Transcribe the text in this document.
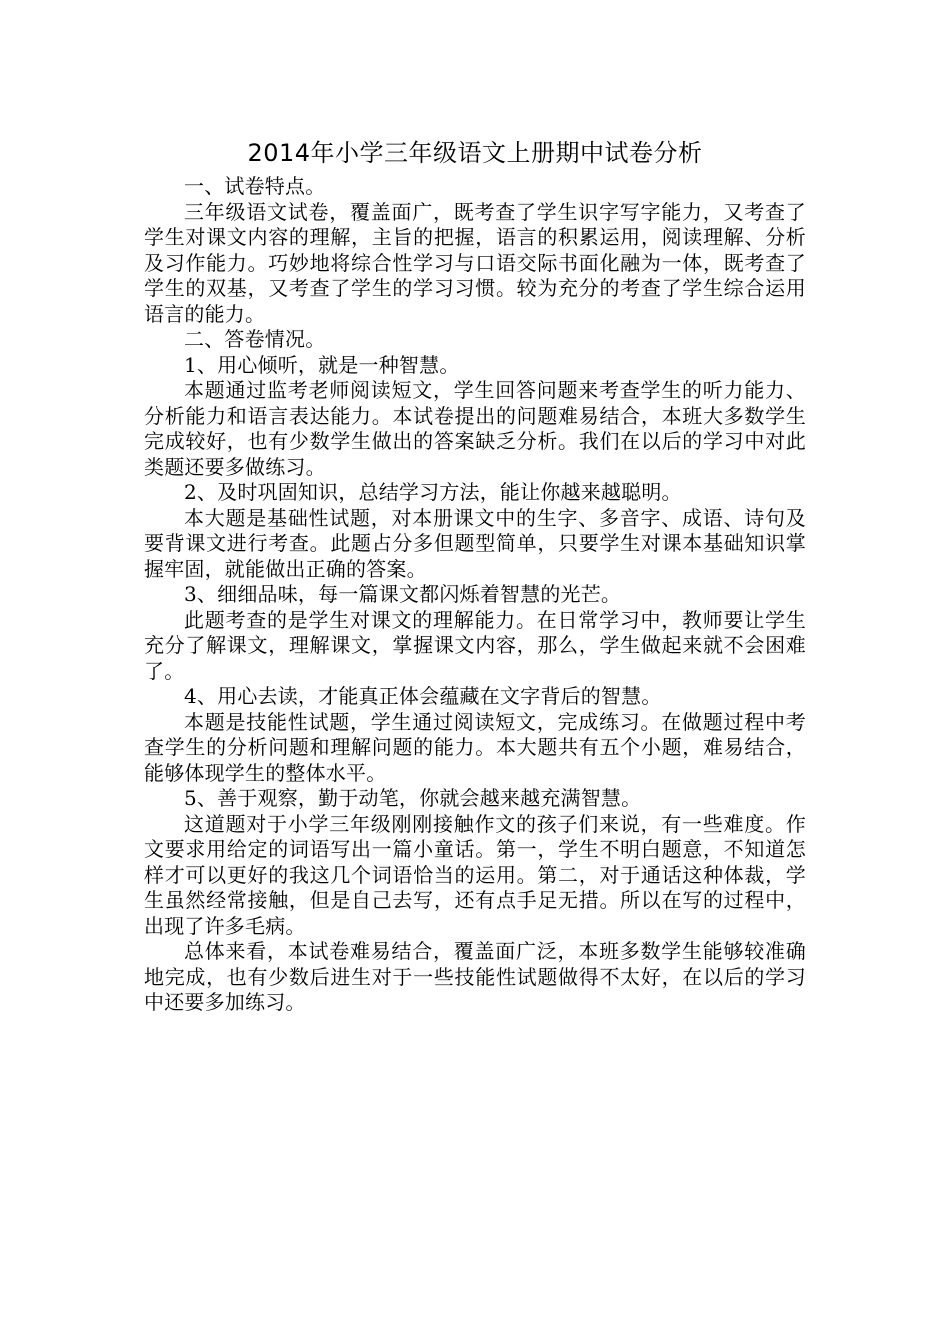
2014年小学三年级语文上册期中试卷分析

一、试卷特点。

三年级语文试卷，覆盖面广，既考查了学生识字写字能力，又考查了学生对课文内容的理解，主旨的把握，语言的积累运用，阅读理解、分析及习作能力。巧妙地将综合性学习与口语交际书面化融为一体，既考查了学生的双基，又考查了学生的学习习惯。较为充分的考查了学生综合运用语言的能力。

二、答卷情况。

1、用心倾听，就是一种智慧。

本题通过监考老师阅读短文，学生回答问题来考查学生的听力能力、分析能力和语言表达能力。本试卷提出的问题难易结合，本班大多数学生完成较好，也有少数学生做出的答案缺乏分析。我们在以后的学习中对此类题还要多做练习。

2、及时巩固知识，总结学习方法，能让你越来越聪明。

本大题是基础性试题，对本册课文中的生字、多音字、成语、诗句及要背课文进行考查。此题占分多但题型简单，只要学生对课本基础知识掌握牢固，就能做出正确的答案。

3、细细品味，每一篇课文都闪烁着智慧的光芒。

此题考查的是学生对课文的理解能力。在日常学习中，教师要让学生充分了解课文，理解课文，掌握课文内容，那么，学生做起来就不会困难了。

4、用心去读，才能真正体会蕴藏在文字背后的智慧。

本题是技能性试题，学生通过阅读短文，完成练习。在做题过程中考查学生的分析问题和理解问题的能力。本大题共有五个小题，难易结合，能够体现学生的整体水平。

5、善于观察，勤于动笔，你就会越来越充满智慧。

这道题对于小学三年级刚刚接触作文的孩子们来说，有一些难度。作文要求用给定的词语写出一篇小童话。第一，学生不明白题意，不知道怎样才可以更好的我这几个词语恰当的运用。第二，对于通话这种体裁，学生虽然经常接触，但是自己去写，还有点手足无措。所以在写的过程中，出现了许多毛病。

总体来看，本试卷难易结合，覆盖面广泛，本班多数学生能够较准确地完成，也有少数后进生对于一些技能性试题做得不太好，在以后的学习中还要多加练习。
